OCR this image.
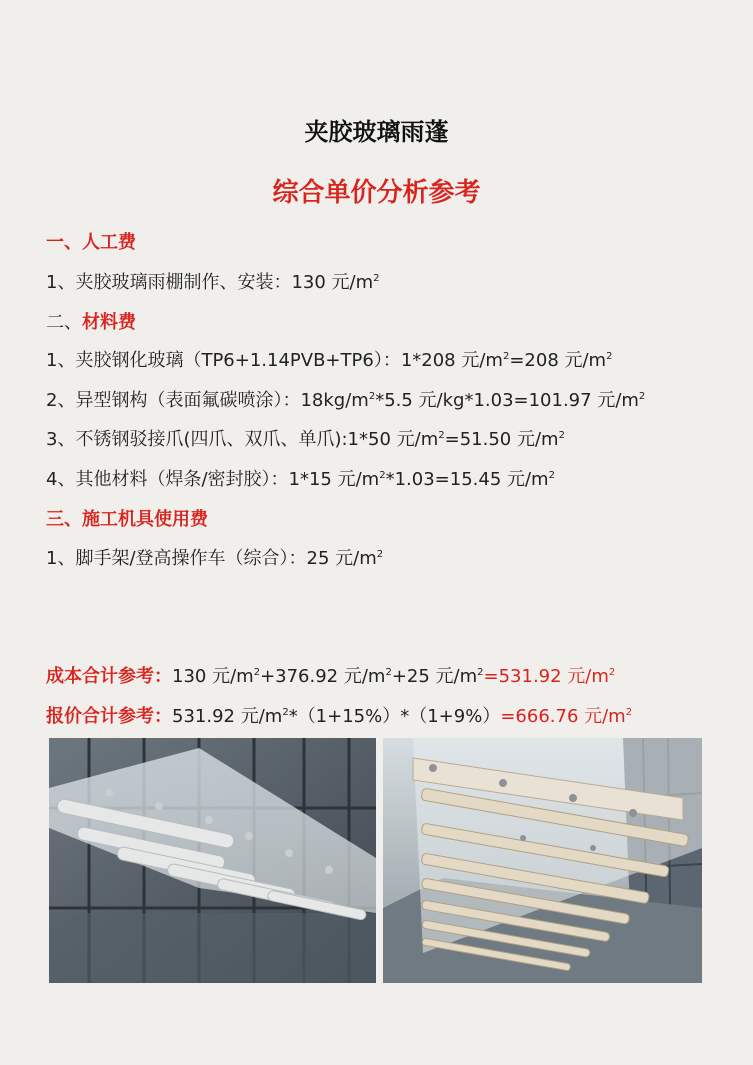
夹胶玻璃雨蓬
综合单价分析参考
一、人工费
1、夹胶玻璃雨棚制作、安装：130 元$/m^2$
二、材料费
1、夹胶钢化玻璃（TP6+1.14PVB+TP6）：1*208 元$/m^2=208$ 元$/m^2$
2、异型钢构（表面氟碳喷涂）：$18kg/m^2*5.5$ 元/kg*1.03=101.97 元$/m^2$
3、不锈钢驳接爪(四爪、双爪、单爪):1*50 元$/m^2=51.50$ 元$/m^2$
4、其他材料（焊条/密封胶）：1*15 元$/m^2*1.03=15.45$ 元$/m^2$
三、施工机具使用费
1、脚手架/登高操作车（综合）：25 元$/m^2$
成本合计参考：130 元$/m^2+376.92$ 元$/m^2+25$ 元$/m^2=531.92$ 元$/m^2$
报价合计参考：531.92 元$/m^2*(1+15\%)*(1+9\%)=666.76$ 元$/m^2$
